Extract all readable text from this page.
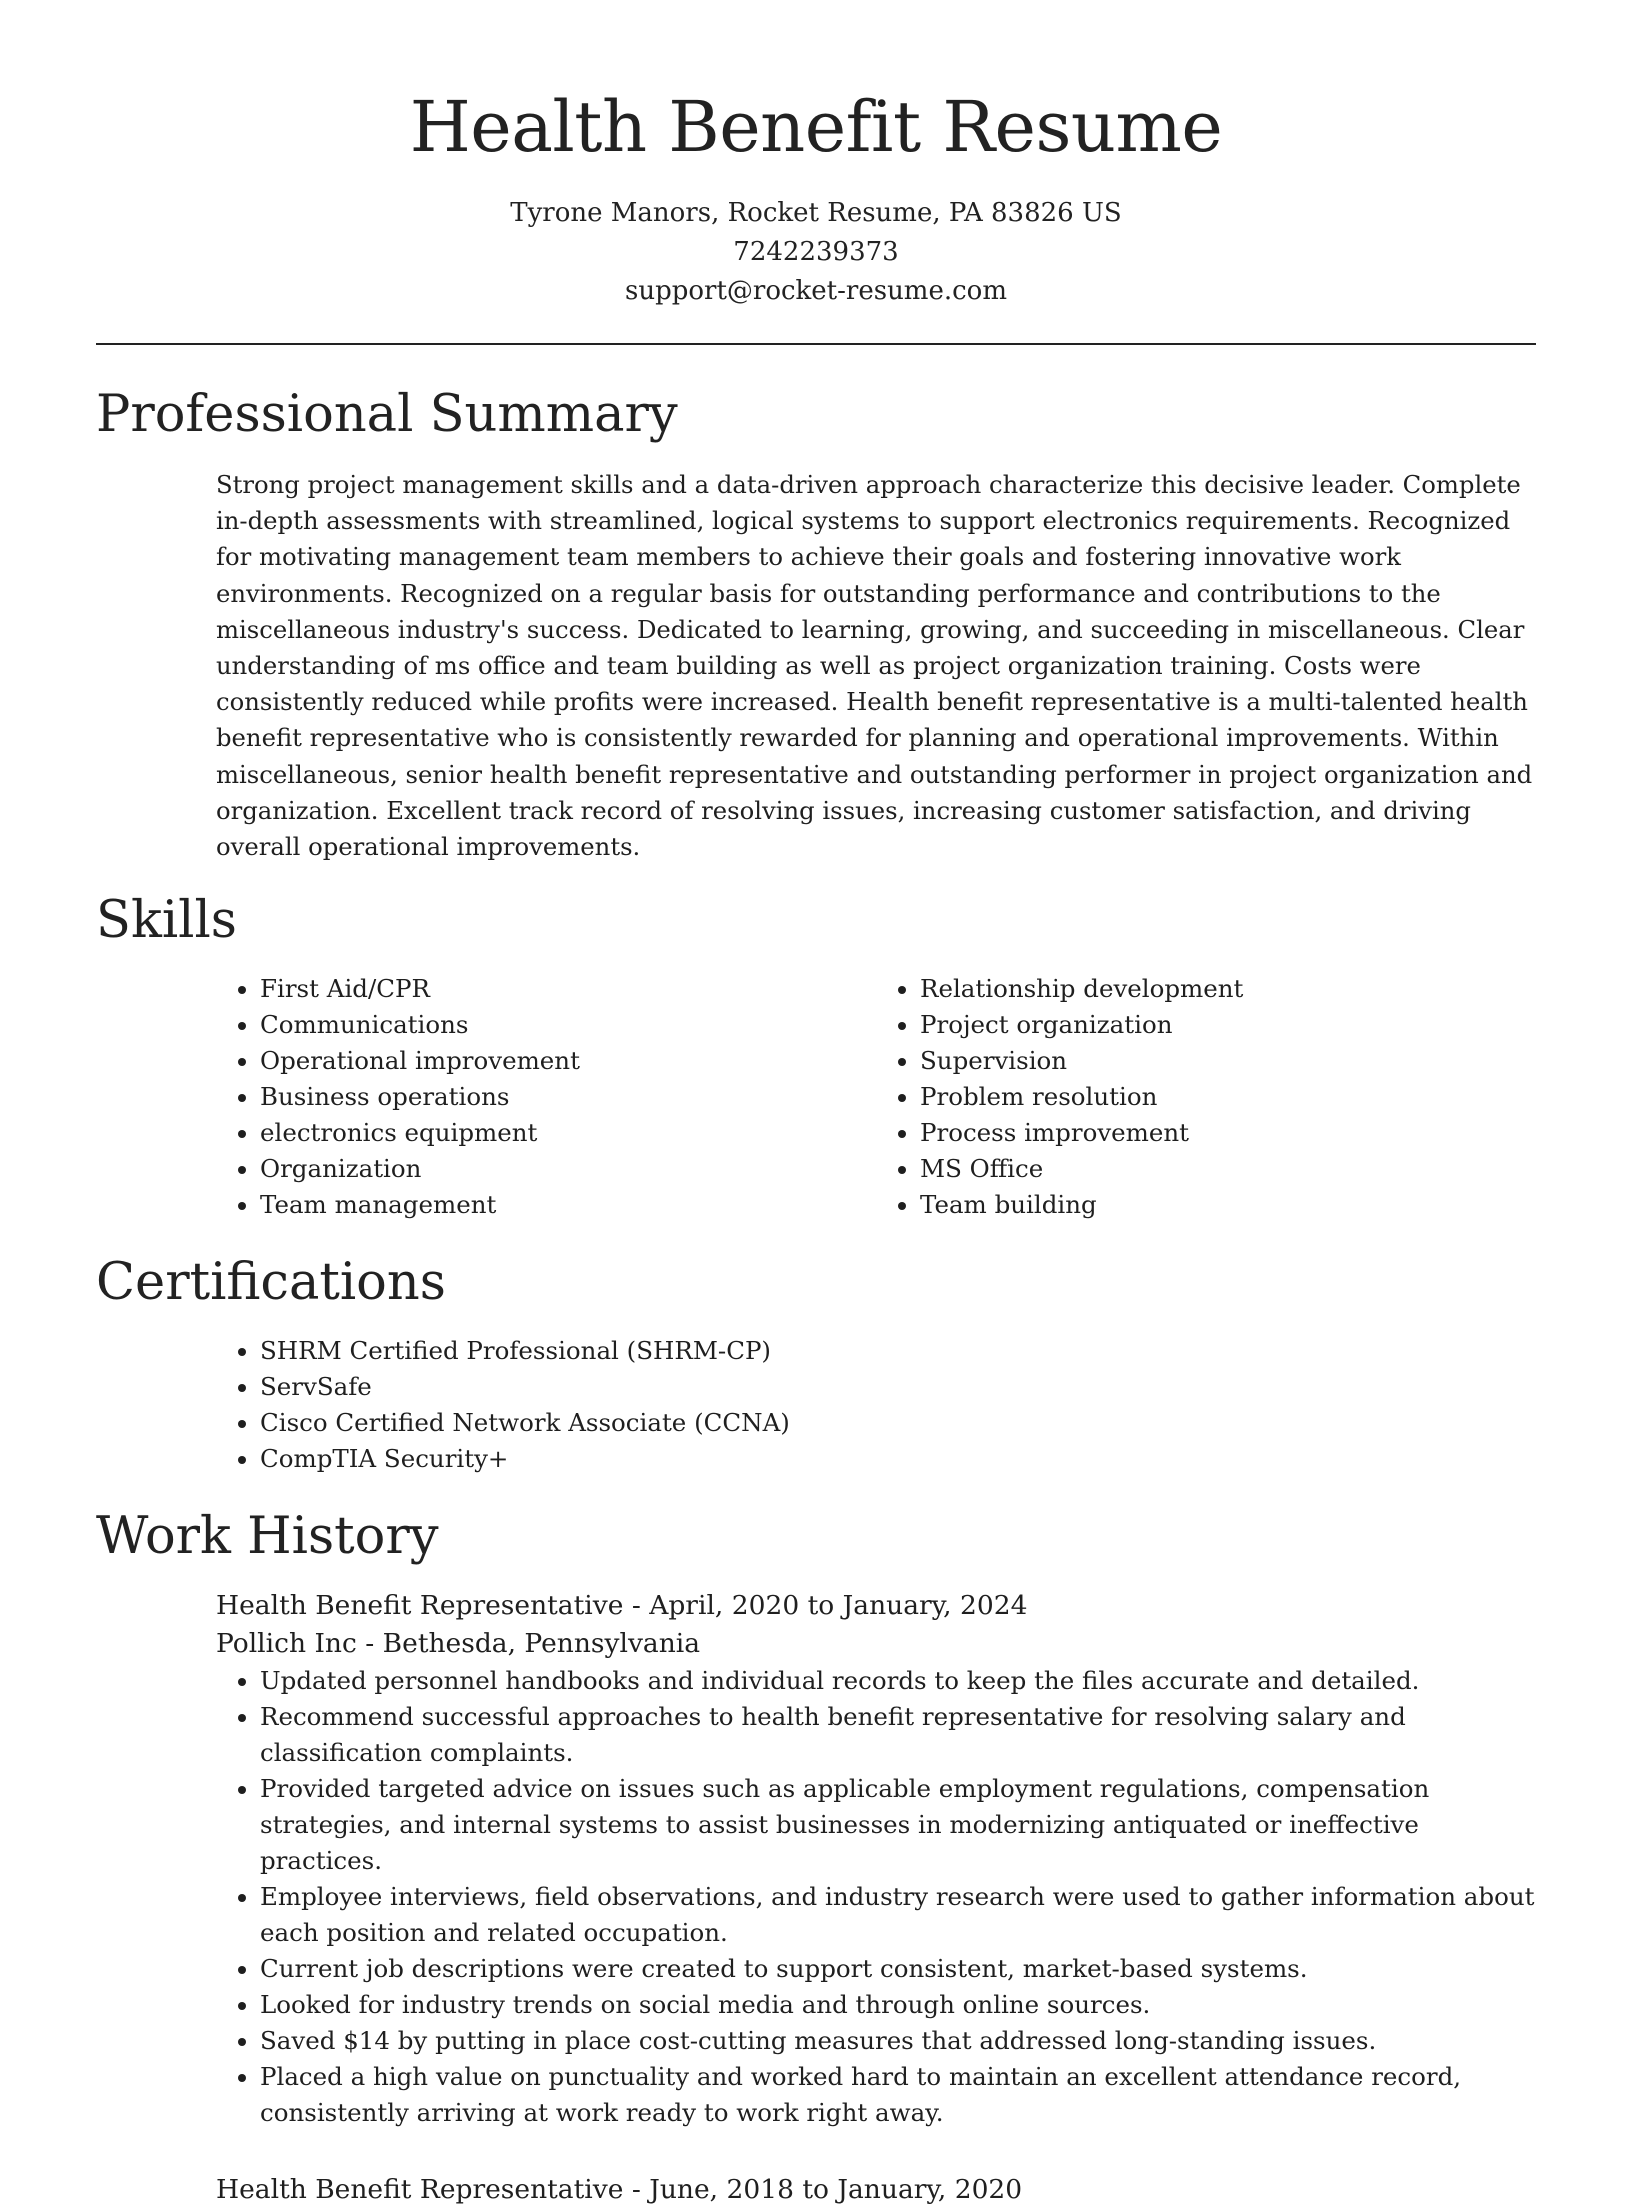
Health Benefit Resume
Tyrone Manors, Rocket Resume, PA 83826 US
7242239373
support@rocket-resume.com
Professional Summary

Strong project management skills and a data-driven approach characterize this decisive leader. Complete in-depth assessments with streamlined, logical systems to support electronics requirements. Recognized for motivating management team members to achieve their goals and fostering innovative work environments. Recognized on a regular basis for outstanding performance and contributions to the miscellaneous industry's success. Dedicated to learning, growing, and succeeding in miscellaneous. Clear understanding of ms office and team building as well as project organization training. Costs were consistently reduced while profits were increased. Health benefit representative is a multi-talented health benefit representative who is consistently rewarded for planning and operational improvements. Within miscellaneous, senior health benefit representative and outstanding performer in project organization and organization. Excellent track record of resolving issues, increasing customer satisfaction, and driving overall operational improvements.

Skills
• First Aid/CPR
• Communications
• Operational improvement
• Business operations
• electronics equipment
• Organization
• Team management
• Relationship development
• Project organization
• Supervision
• Problem resolution
• Process improvement
• MS Office
• Team building
Certifications
• SHRM Certified Professional (SHRM-CP)
• ServSafe
• Cisco Certified Network Associate (CCNA)
• CompTIA Security+
Work History
Health Benefit Representative - April, 2020 to January, 2024
Pollich Inc - Bethesda, Pennsylvania
• Updated personnel handbooks and individual records to keep the files accurate and detailed.
• Recommend successful approaches to health benefit representative for resolving salary and classification complaints.
• Provided targeted advice on issues such as applicable employment regulations, compensation strategies, and internal systems to assist businesses in modernizing antiquated or ineffective practices.
• Employee interviews, field observations, and industry research were used to gather information about each position and related occupation.
• Current job descriptions were created to support consistent, market-based systems.
• Looked for industry trends on social media and through online sources.
• Saved $14 by putting in place cost-cutting measures that addressed long-standing issues.
• Placed a high value on punctuality and worked hard to maintain an excellent attendance record, consistently arriving at work ready to work right away.
Health Benefit Representative - June, 2018 to January, 2020
